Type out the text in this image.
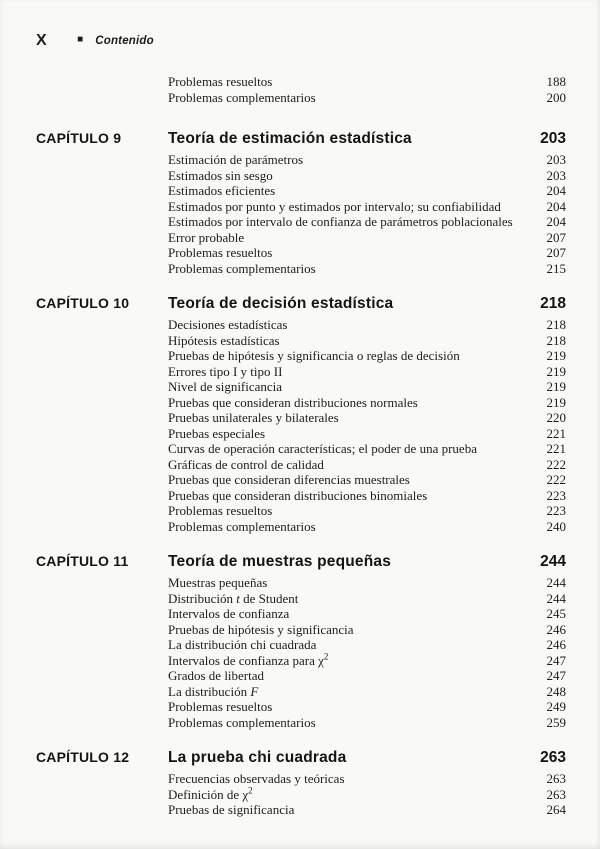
X	■ Contenido
Problemas resueltos	188
Problemas complementarios	200
CAPÍTULO 9	Teoría de estimación estadística	203
Estimación de parámetros	203
Estimados sin sesgo	203
Estimados eficientes	204
Estimados por punto y estimados por intervalo; su confiabilidad	204
Estimados por intervalo de confianza de parámetros poblacionales	204
Error probable	207
Problemas resueltos	207
Problemas complementarios	215
CAPÍTULO 10	Teoría de decisión estadística	218
Decisiones estadísticas	218
Hipótesis estadísticas	218
Pruebas de hipótesis y significancia o reglas de decisión	219
Errores tipo I y tipo II	219
Nivel de significancia	219
Pruebas que consideran distribuciones normales	219
Pruebas unilaterales y bilaterales	220
Pruebas especiales	221
Curvas de operación características; el poder de una prueba	221
Gráficas de control de calidad	222
Pruebas que consideran diferencias muestrales	222
Pruebas que consideran distribuciones binomiales	223
Problemas resueltos	223
Problemas complementarios	240
CAPÍTULO 11	Teoría de muestras pequeñas	244
Muestras pequeñas	244
Distribución t de Student	244
Intervalos de confianza	245
Pruebas de hipótesis y significancia	246
La distribución chi cuadrada	246
Intervalos de confianza para $\chi^2$	247
Grados de libertad	247
La distribución F	248
Problemas resueltos	249
Problemas complementarios	259
CAPÍTULO 12	La prueba chi cuadrada	263
Frecuencias observadas y teóricas	263
Definición de $\chi^2$	263
Pruebas de significancia	264
